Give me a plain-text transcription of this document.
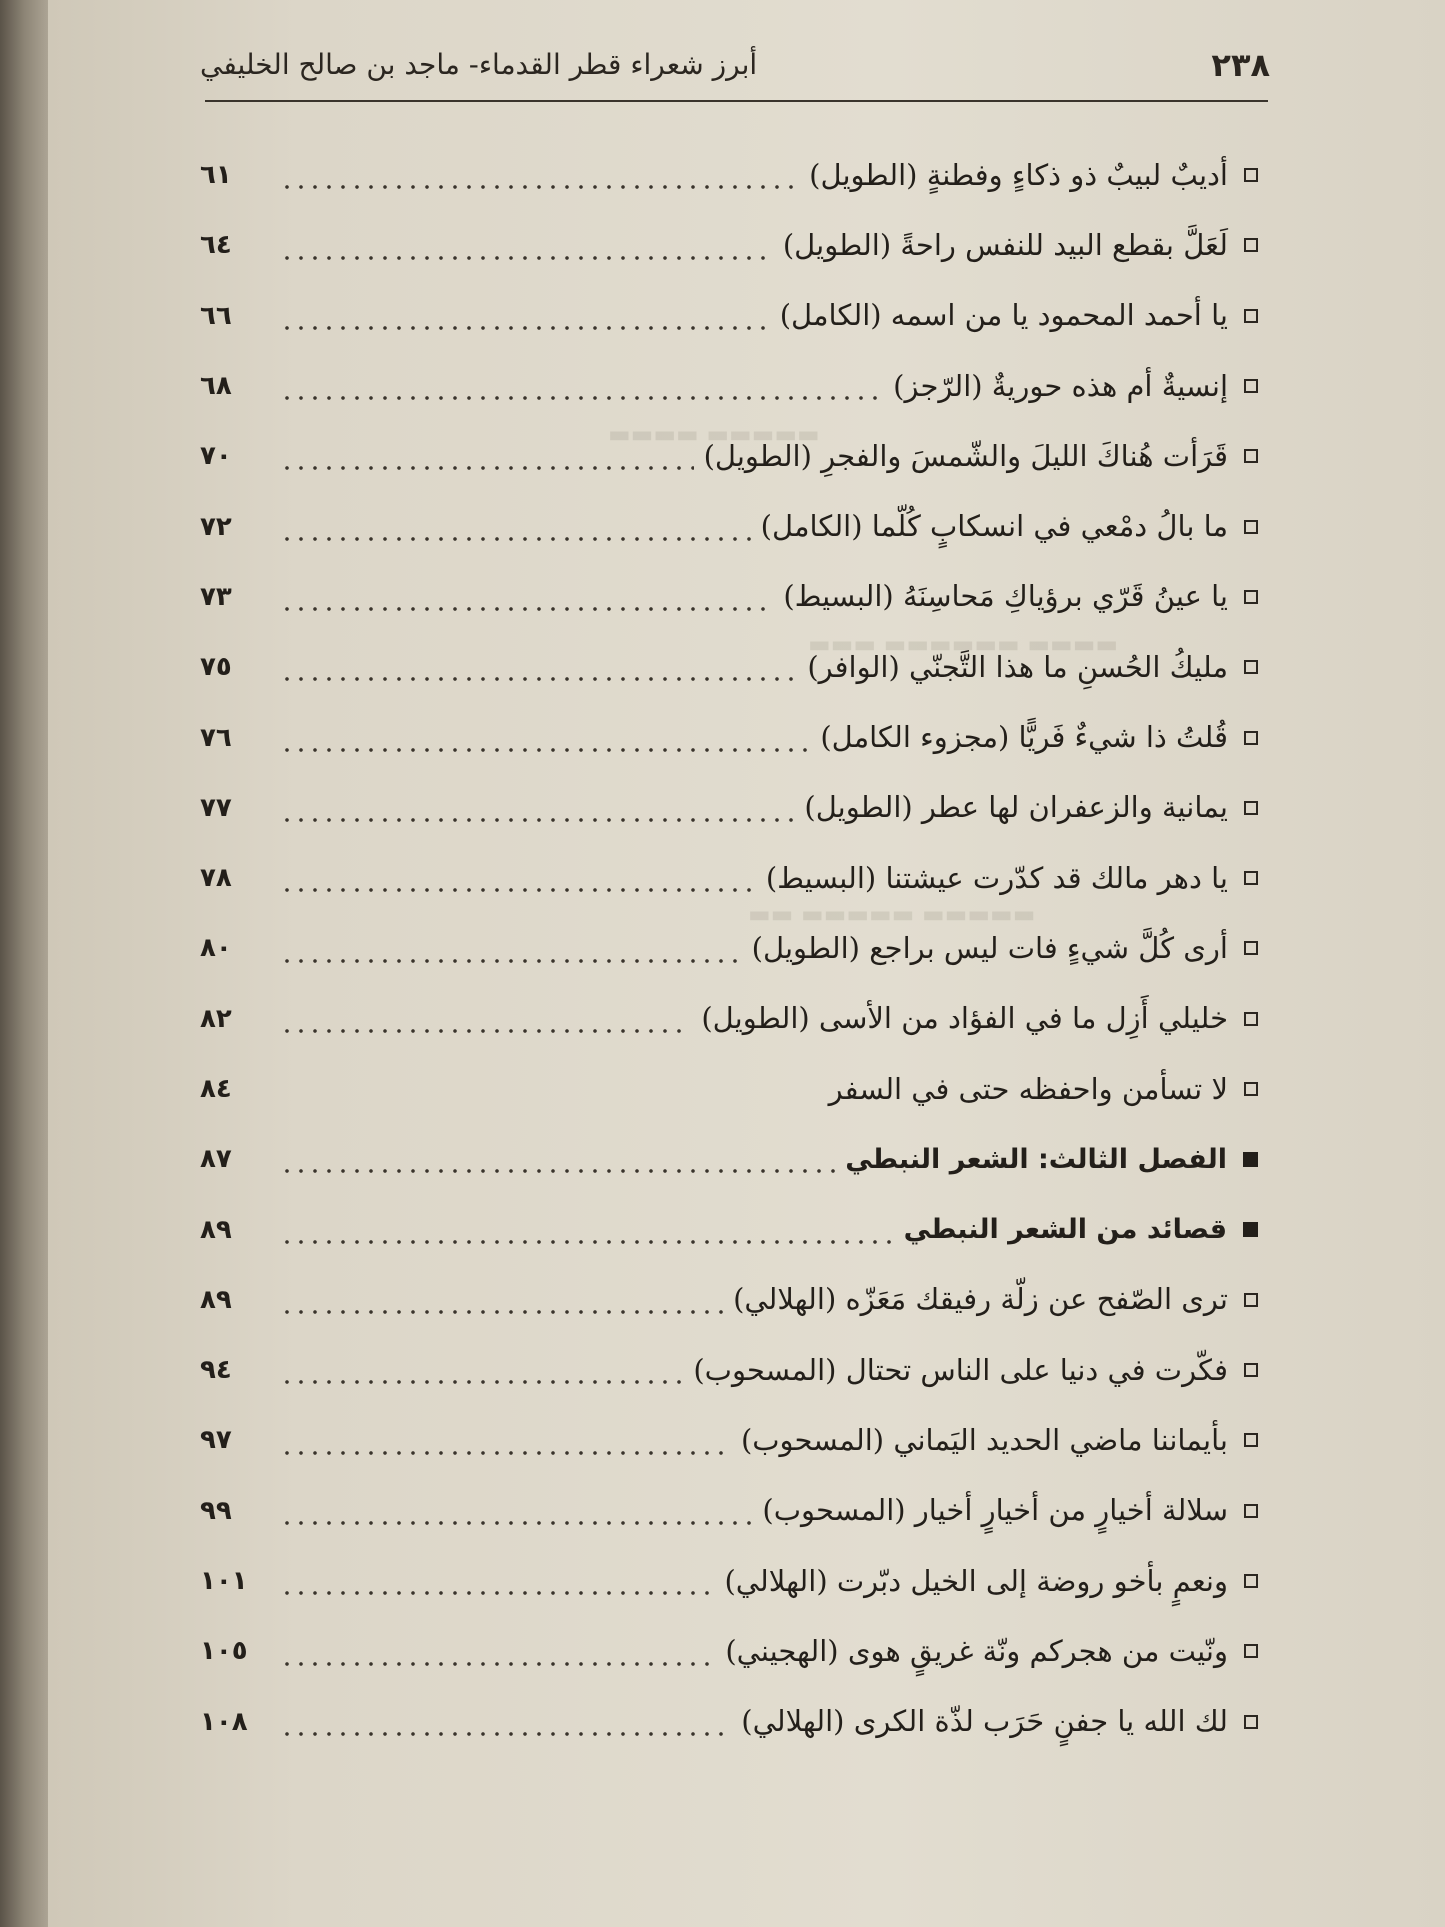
▬▬▬▬▬ ▬▬▬▬
▬▬▬▬ ▬▬▬▬▬▬ ▬▬▬
▬▬▬▬▬ ▬▬▬▬▬ ▬▬
٢٣٨
أبرز شعراء قطر القدماء- ماجد بن صالح الخليفي
أديبٌ لبيبٌ ذو ذكاءٍ وفطنةٍ (الطويل)
٦١
لَعَلَّ بقطع البيد للنفس راحةً (الطويل)
٦٤
يا أحمد المحمود يا من اسمه (الكامل)
٦٦
إنسيةٌ أم هذه حوريةٌ (الرّجز)
٦٨
قَرَأت هُناكَ الليلَ والشّمسَ والفجرِ (الطويل)
٧٠
ما بالُ دمْعي في انسكابٍ كُلّما (الكامل)
٧٢
يا عينُ قَرّي برؤياكِ مَحاسِنَهُ (البسيط)
٧٣
مليكُ الحُسنِ ما هذا التَّجنّي (الوافر)
٧٥
قُلتُ ذا شيءٌ فَريًّا (مجزوء الكامل)
٧٦
يمانية والزعفران لها عطر (الطويل)
٧٧
يا دهر مالك قد كدّرت عيشتنا (البسيط)
٧٨
أرى كُلَّ شيءٍ فات ليس براجع (الطويل)
٨٠
خليلي أَزِل ما في الفؤاد من الأسى (الطويل)
٨٢
لا تسأمن واحفظه حتى في السفر
٨٤
الفصل الثالث: الشعر النبطي
٨٧
قصائد من الشعر النبطي
٨٩
ترى الصّفح عن زلّة رفيقك مَعَزّه (الهلالي)
٨٩
فكّرت في دنيا على الناس تحتال (المسحوب)
٩٤
بأيماننا ماضي الحديد اليَماني (المسحوب)
٩٧
سلالة أخيارٍ من أخيارٍ أخيار (المسحوب)
٩٩
ونعمٍ بأخو روضة إلى الخيل دبّرت (الهلالي)
١٠١
ونّيت من هجركم ونّة غريقٍ هوى (الهجيني)
١٠٥
لك الله يا جفنٍ حَرَب لذّة الكرى (الهلالي)
١٠٨
